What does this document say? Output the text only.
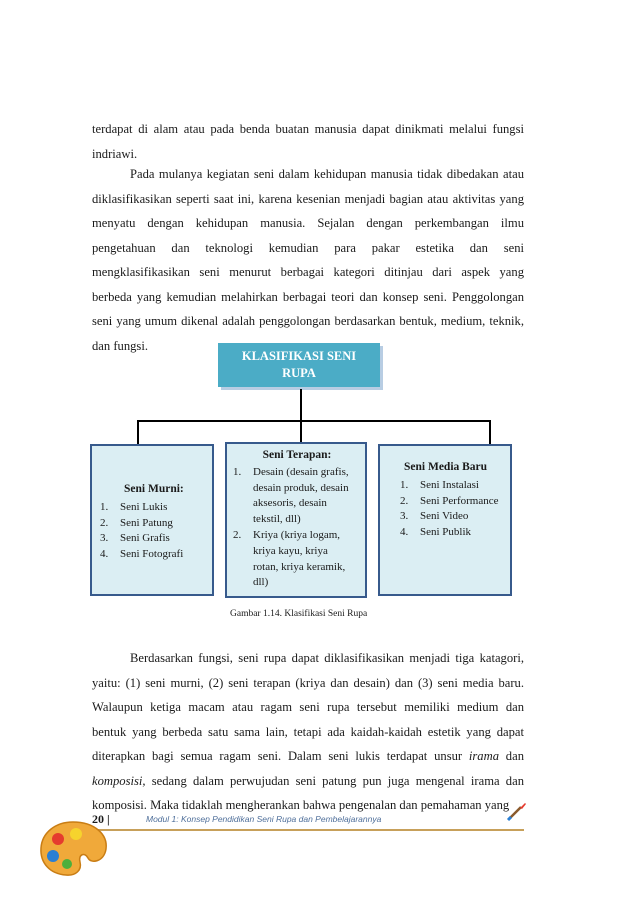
terdapat di alam atau pada benda buatan manusia dapat dinikmati melalui fungsi
indriawi.
Pada mulanya kegiatan seni dalam kehidupan manusia tidak dibedakan atau
diklasifikasikan seperti saat ini, karena kesenian menjadi bagian atau aktivitas yang
menyatu dengan kehidupan manusia. Sejalan dengan perkembangan ilmu
pengetahuan dan teknologi kemudian para pakar estetika dan seni
mengklasifikasikan seni menurut berbagai kategori ditinjau dari aspek yang
berbeda yang kemudian melahirkan berbagai teori dan konsep seni. Penggolongan
seni yang umum dikenal adalah penggolongan berdasarkan bentuk, medium, teknik,
dan fungsi.
KLASIFIKASI SENI
RUPA
Seni Murni:
1. Seni Lukis
2. Seni Patung
3. Seni Grafis
4. Seni Fotografi
Seni Terapan:
1. Desain (desain grafis,
desain produk, desain
aksesoris, desain
tekstil, dll)
2. Kriya (kriya logam,
kriya kayu, kriya
rotan, kriya keramik,
dll)
Seni Media Baru
1. Seni Instalasi
2. Seni Performance
3. Seni Video
4. Seni Publik
Gambar 1.14. Klasifikasi Seni Rupa
Berdasarkan fungsi, seni rupa dapat diklasifikasikan menjadi tiga katagori,
yaitu: (1) seni murni, (2) seni terapan (kriya dan desain) dan (3) seni media baru.
Walaupun ketiga macam atau ragam seni rupa tersebut memiliki medium dan
bentuk yang berbeda satu sama lain, tetapi ada kaidah-kaidah estetik yang dapat
diterapkan bagi semua ragam seni. Dalam seni lukis terdapat unsur irama dan
komposisi, sedang dalam perwujudan seni patung pun juga mengenal irama dan
komposisi. Maka tidaklah mengherankan bahwa pengenalan dan pemahaman yang
20 |	Modul 1: Konsep Pendidikan Seni Rupa dan Pembelajarannya
